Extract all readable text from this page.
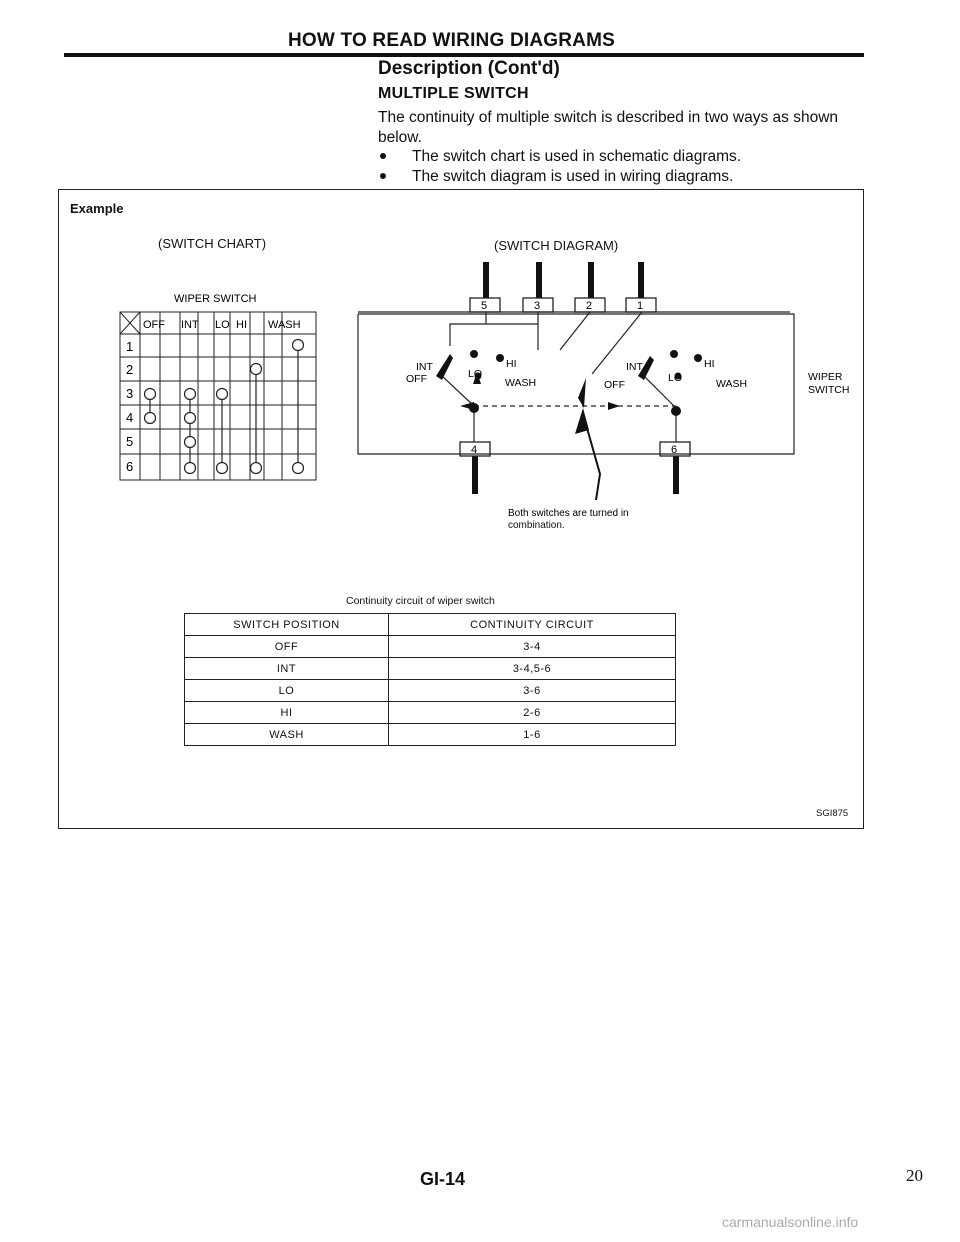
HOW TO READ WIRING DIAGRAMS
Description (Cont'd)
MULTIPLE SWITCH
The continuity of multiple switch is described in two ways as shown below.
The switch chart is used in schematic diagrams.
The switch diagram is used in wiring diagrams.
Example
(SWITCH CHART)	(SWITCH DIAGRAM)
WIPER SWITCH
OFF INT LO HI WASH
1
2
3
4
5
6
5	3	2	1
4	6
INT
OFF	LO
HI
WASH
INT
OFF
LO
HI
WASH
WIPER
SWITCH
Both switches are turned in
combination.
Continuity circuit of wiper switch
SWITCH POSITION	CONTINUITY CIRCUIT
OFF	3-4
INT	3-4,5-6
LO	3-6
HI	2-6
WASH	1-6
SGI875
GI-14	20
carmanualsonline.info
